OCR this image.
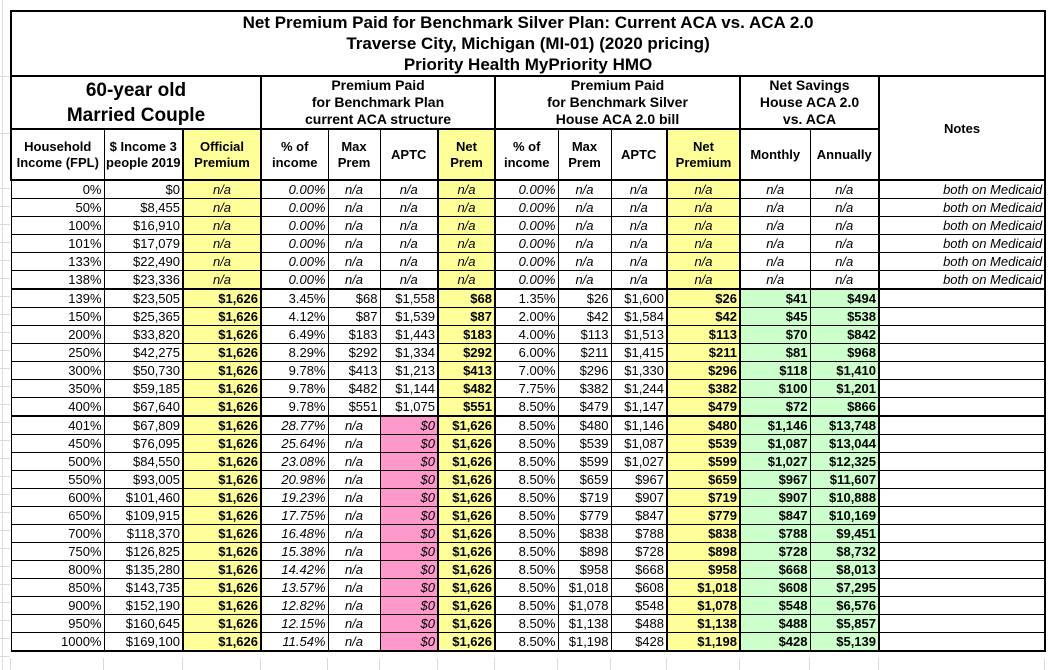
Net Premium Paid for Benchmark Silver Plan: Current ACA vs. ACA 2.0
Traverse City, Michigan (MI-01) (2020 pricing)
Priority Health MyPriority HMO													

60-year old
Married Couple

Premium Paid
for Benchmark Plan
current ACA structure

Premium Paid
for Benchmark Silver
House ACA 2.0 bill

Net Savings
House ACA 2.0
vs. ACA
	Notes
Household Income (FPL)	$ Income 3 people 2019	Official Premium	% of income	Max Prem	APTC	Net Prem	% of income	Max Prem	APTC	Net Premium	Monthly	Annually	
0%	$0	n/a	0.00%	n/a	n/a	n/a	0.00%	n/a	n/a	n/a	n/a	n/a	both on Medicaid
50%	$8,455	n/a	0.00%	n/a	n/a	n/a	0.00%	n/a	n/a	n/a	n/a	n/a	both on Medicaid
100%	$16,910	n/a	0.00%	n/a	n/a	n/a	0.00%	n/a	n/a	n/a	n/a	n/a	both on Medicaid
101%	$17,079	n/a	0.00%	n/a	n/a	n/a	0.00%	n/a	n/a	n/a	n/a	n/a	both on Medicaid
133%	$22,490	n/a	0.00%	n/a	n/a	n/a	0.00%	n/a	n/a	n/a	n/a	n/a	both on Medicaid
138%	$23,336	n/a	0.00%	n/a	n/a	n/a	0.00%	n/a	n/a	n/a	n/a	n/a	both on Medicaid
139%	$23,505	$1,626	3.45%	$68	$1,558	$68	1.35%	$26	$1,600	$26	$41	$494	
150%	$25,365	$1,626	4.12%	$87	$1,539	$87	2.00%	$42	$1,584	$42	$45	$538	
200%	$33,820	$1,626	6.49%	$183	$1,443	$183	4.00%	$113	$1,513	$113	$70	$842	
250%	$42,275	$1,626	8.29%	$292	$1,334	$292	6.00%	$211	$1,415	$211	$81	$968	
300%	$50,730	$1,626	9.78%	$413	$1,213	$413	7.00%	$296	$1,330	$296	$118	$1,410	
350%	$59,185	$1,626	9.78%	$482	$1,144	$482	7.75%	$382	$1,244	$382	$100	$1,201	
400%	$67,640	$1,626	9.78%	$551	$1,075	$551	8.50%	$479	$1,147	$479	$72	$866	
401%	$67,809	$1,626	28.77%	n/a	$0	$1,626	8.50%	$480	$1,146	$480	$1,146	$13,748	
450%	$76,095	$1,626	25.64%	n/a	$0	$1,626	8.50%	$539	$1,087	$539	$1,087	$13,044	
500%	$84,550	$1,626	23.08%	n/a	$0	$1,626	8.50%	$599	$1,027	$599	$1,027	$12,325	
550%	$93,005	$1,626	20.98%	n/a	$0	$1,626	8.50%	$659	$967	$659	$967	$11,607	
600%	$101,460	$1,626	19.23%	n/a	$0	$1,626	8.50%	$719	$907	$719	$907	$10,888	
650%	$109,915	$1,626	17.75%	n/a	$0	$1,626	8.50%	$779	$847	$779	$847	$10,169	
700%	$118,370	$1,626	16.48%	n/a	$0	$1,626	8.50%	$838	$788	$838	$788	$9,451	
750%	$126,825	$1,626	15.38%	n/a	$0	$1,626	8.50%	$898	$728	$898	$728	$8,732	
800%	$135,280	$1,626	14.42%	n/a	$0	$1,626	8.50%	$958	$668	$958	$668	$8,013	
850%	$143,735	$1,626	13.57%	n/a	$0	$1,626	8.50%	$1,018	$608	$1,018	$608	$7,295	
900%	$152,190	$1,626	12.82%	n/a	$0	$1,626	8.50%	$1,078	$548	$1,078	$548	$6,576	
950%	$160,645	$1,626	12.15%	n/a	$0	$1,626	8.50%	$1,138	$488	$1,138	$488	$5,857	
1000%	$169,100	$1,626	11.54%	n/a	$0	$1,626	8.50%	$1,198	$428	$1,198	$428	$5,139	
